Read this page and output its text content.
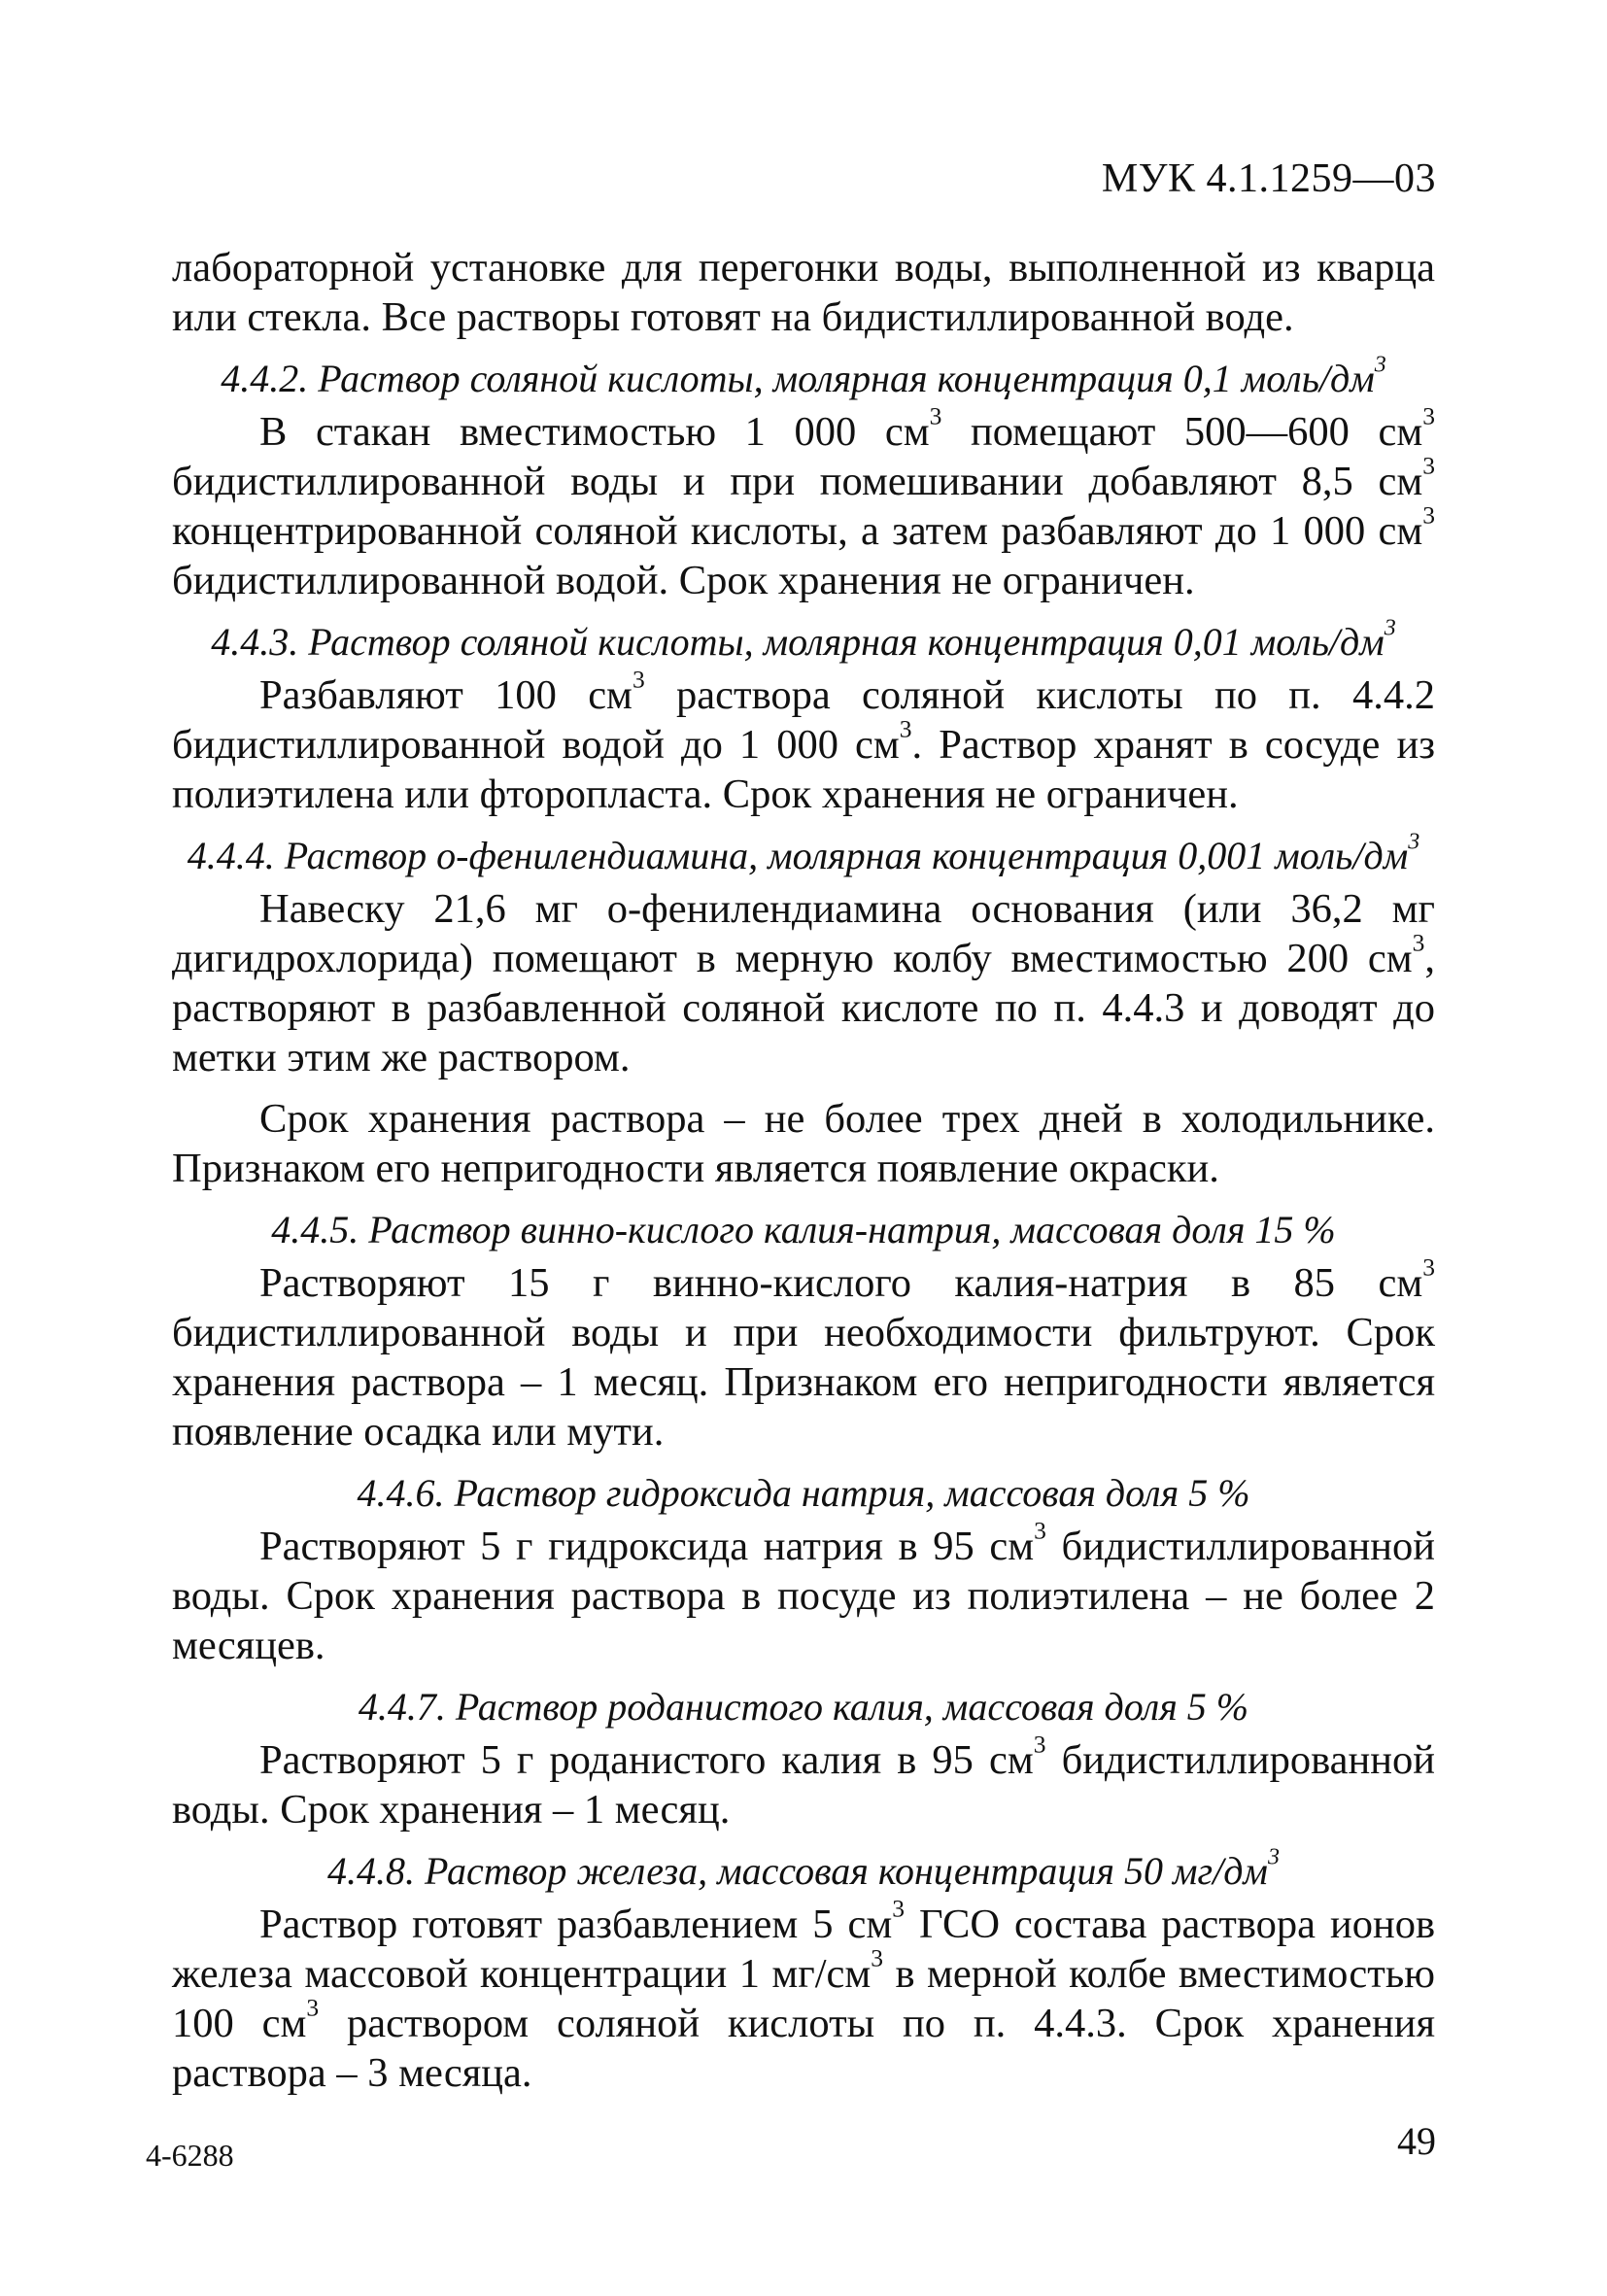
МУК 4.1.1259—03

лабораторной установке для перегонки воды, выполненной из кварца или стекла. Все растворы готовят на бидистиллированной воде.

4.4.2. Раствор соляной кислоты, молярная концентрация 0,1 моль/$дм^3$

В стакан вместимостью 1 000 $см^3$ помещают 500—600 $см^3$ бидистиллированной воды и при помешивании добавляют 8,5 $см^3$ концентрированной соляной кислоты, а затем разбавляют до 1 000 $см^3$ бидистиллированной водой. Срок хранения не ограничен.

4.4.3. Раствор соляной кислоты, молярная концентрация 0,01 моль/$дм^3$

Разбавляют 100 $см^3$ раствора соляной кислоты по п. 4.4.2 бидистиллированной водой до 1 000 $см^3$. Раствор хранят в сосуде из полиэтилена или фторопласта. Срок хранения не ограничен.

4.4.4. Раствор о-фенилендиамина, молярная концентрация 0,001 моль/$дм^3$

Навеску 21,6 мг о-фенилендиамина основания (или 36,2 мг дигидрохлорида) помещают в мерную колбу вместимостью 200 $см^3$, растворяют в разбавленной соляной кислоте по п. 4.4.3 и доводят до метки этим же раствором.

Срок хранения раствора – не более трех дней в холодильнике. Признаком его непригодности является появление окраски.

4.4.5. Раствор винно-кислого калия-натрия, массовая доля 15 %

Растворяют 15 г винно-кислого калия-натрия в 85 $см^3$ бидистиллированной воды и при необходимости фильтруют. Срок хранения раствора – 1 месяц. Признаком его непригодности является появление осадка или мути.

4.4.6. Раствор гидроксида натрия, массовая доля 5 %

Растворяют 5 г гидроксида натрия в 95 $см^3$ бидистиллированной воды. Срок хранения раствора в посуде из полиэтилена – не более 2 месяцев.

4.4.7. Раствор роданистого калия, массовая доля 5 %

Растворяют 5 г роданистого калия в 95 $см^3$ бидистиллированной воды. Срок хранения – 1 месяц.

4.4.8. Раствор железа, массовая концентрация 50 $мг/дм^3$

Раствор готовят разбавлением 5 $см^3$ ГСО состава раствора ионов железа массовой концентрации 1 $мг/см^3$ в мерной колбе вместимостью 100 $см^3$ раствором соляной кислоты по п. 4.4.3. Срок хранения раствора – 3 месяца.

4-6288	49
